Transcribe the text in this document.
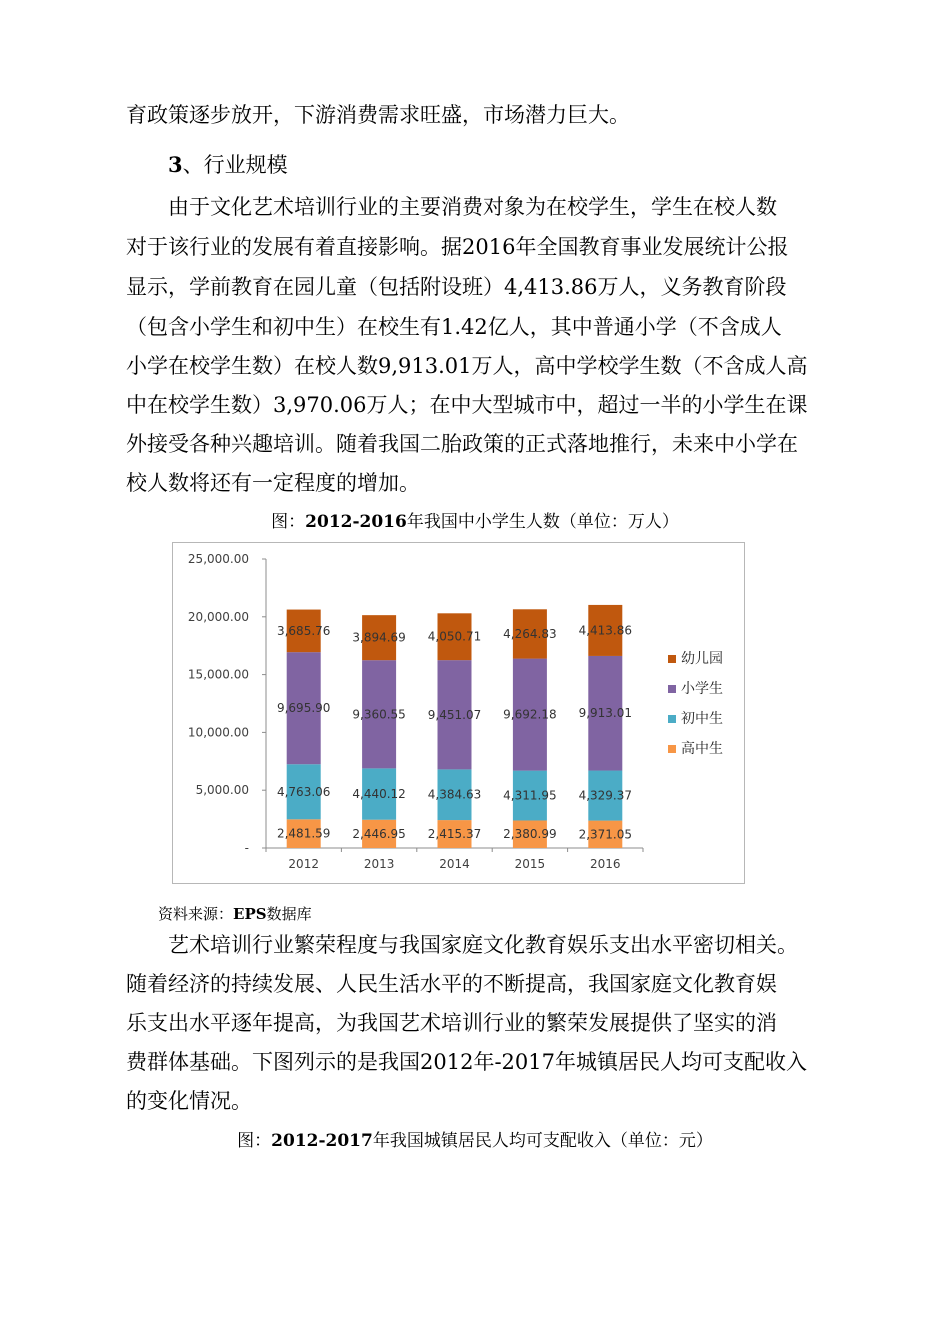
育政策逐步放开，下游消费需求旺盛，市场潜力巨大。
3、行业规模
由于文化艺术培训行业的主要消费对象为在校学生，学生在校人数
对于该行业的发展有着直接影响。据2016年全国教育事业发展统计公报
显示，学前教育在园儿童（包括附设班）4,413.86万人，义务教育阶段
（包含小学生和初中生）在校生有1.42亿人，其中普通小学（不含成人
小学在校学生数）在校人数9,913.01万人，高中学校学生数（不含成人高
中在校学生数）3,970.06万人；在中大型城市中，超过一半的小学生在课
外接受各种兴趣培训。随着我国二胎政策的正式落地推行，未来中小学在
校人数将还有一定程度的增加。
图：2012-2016年我国中小学生人数（单位：万人）
-
5,000.00
10,000.00
15,000.00
20,000.00
25,000.00
2,481.59
4,763.06
9,695.90
3,685.76
2012
2,446.95
4,440.12
9,360.55
3,894.69
2013
2,415.37
4,384.63
9,451.07
4,050.71
2014
2,380.99
4,311.95
9,692.18
4,264.83
2015
2,371.05
4,329.37
9,913.01
4,413.86
2016
幼儿园
小学生
初中生
高中生
资料来源：EPS数据库
艺术培训行业繁荣程度与我国家庭文化教育娱乐支出水平密切相关。
随着经济的持续发展、人民生活水平的不断提高，我国家庭文化教育娱
乐支出水平逐年提高，为我国艺术培训行业的繁荣发展提供了坚实的消
费群体基础。下图列示的是我国2012年-2017年城镇居民人均可支配收入
的变化情况。
图：2012-2017年我国城镇居民人均可支配收入（单位：元）
